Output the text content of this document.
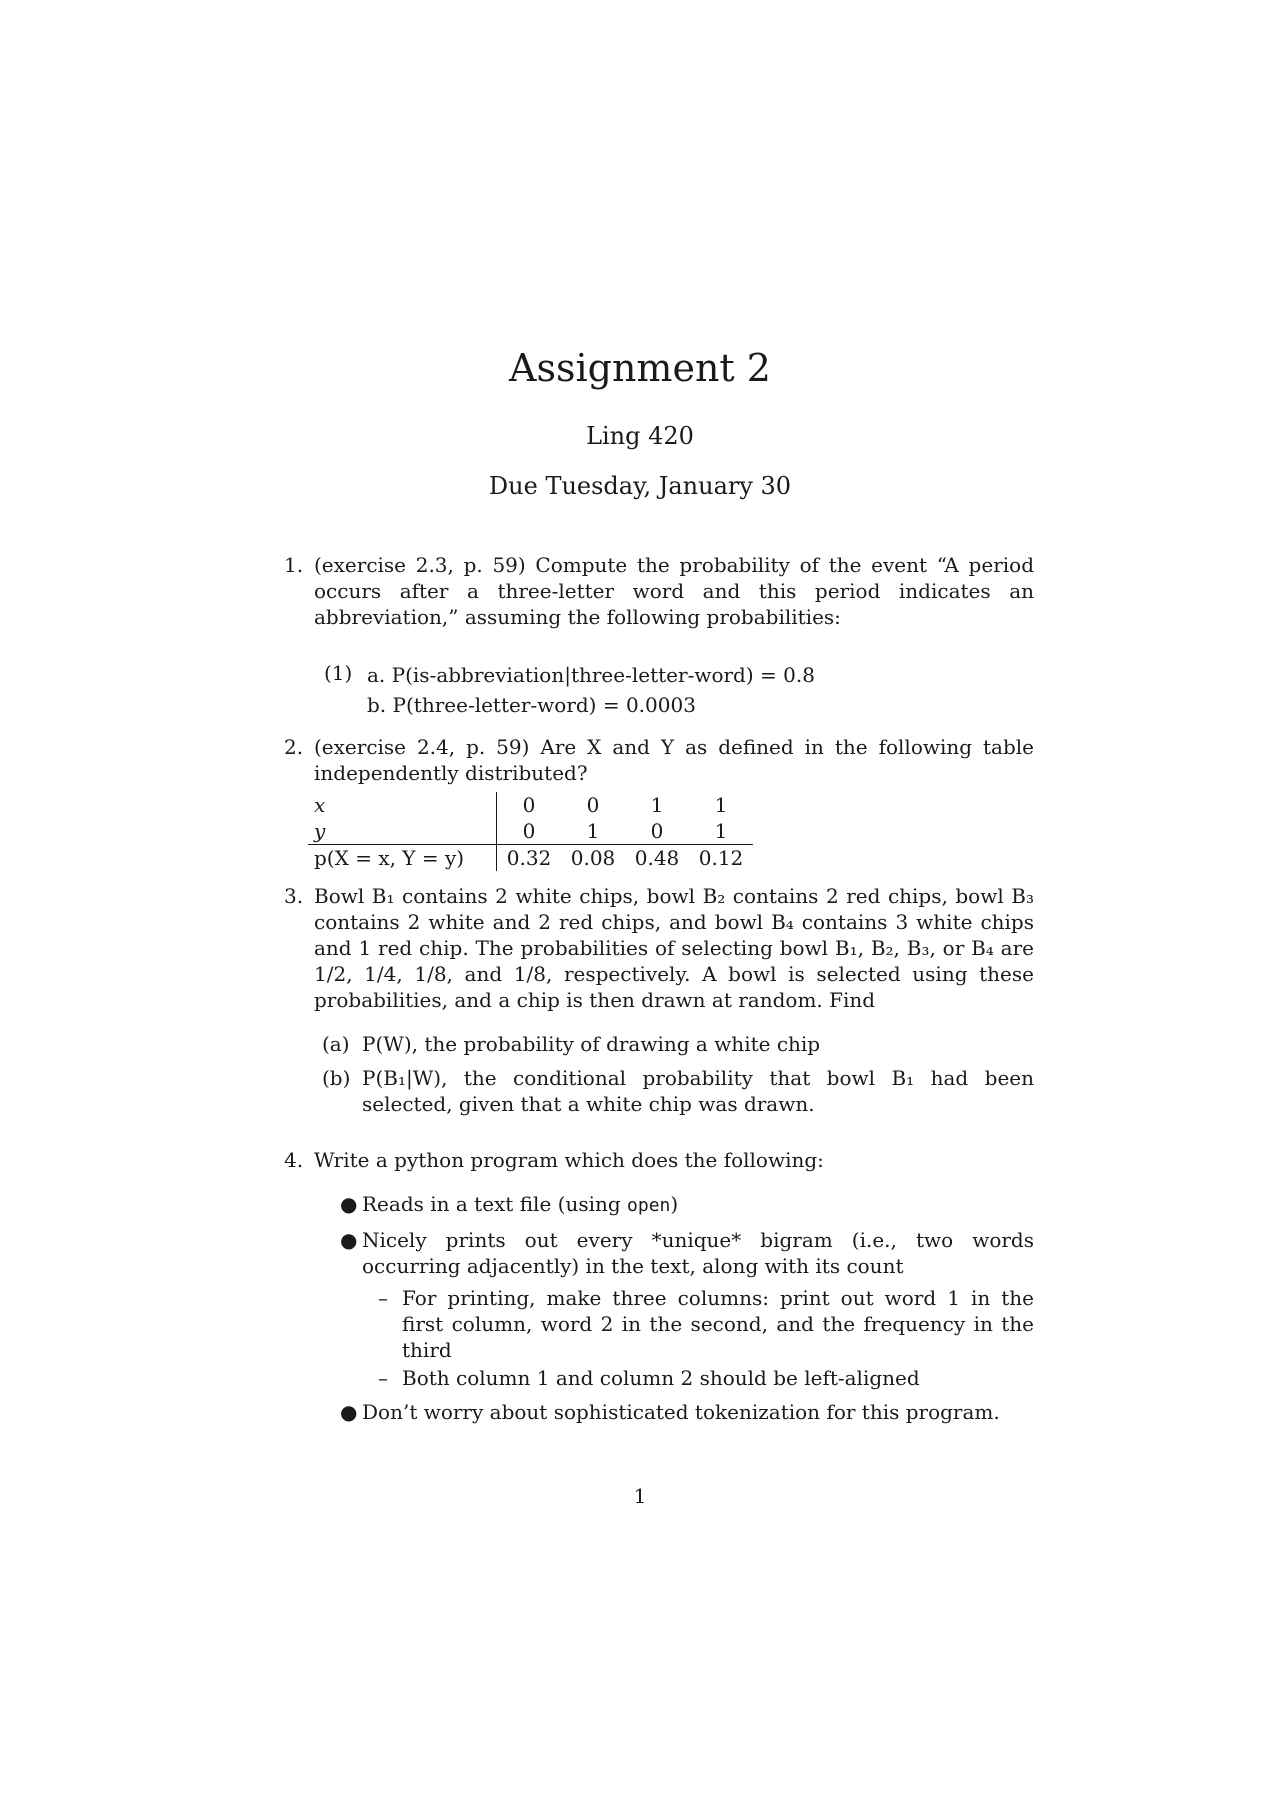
Assignment 2
Ling 420
Due Tuesday, January 30
1. (exercise 2.3, p. 59) Compute the probability of the event “A period occurs after a three-letter word and this period indicates an abbreviation,” assuming the following probabilities:

(1) a. P(is-abbreviation|three-letter-word) = 0.8
b. P(three-letter-word) = 0.0003
2. (exercise 2.4, p. 59) Are X and Y as defined in the following table independently distributed?

x	0	0	1	1
y	0	1	0	1
p(X = x, Y = y)	0.32	0.08	0.48	0.12
3. Bowl B₁ contains 2 white chips, bowl B₂ contains 2 red chips, bowl B₃ contains 2 white and 2 red chips, and bowl B₄ contains 3 white chips and 1 red chip. The probabilities of selecting bowl B₁, B₂, B₃, or B₄ are 1/2, 1/4, 1/8, and 1/8, respectively. A bowl is selected using these probabilities, and a chip is then drawn at random. Find

(a) P(W), the probability of drawing a white chip
(b) P(B₁|W), the conditional probability that bowl B₁ had been selected, given that a white chip was drawn.
4. Write a python program which does the following:

● Reads in a text file (using open)
● Nicely prints out every *unique* bigram (i.e., two words occurring adjacently) in the text, along with its count
– For printing, make three columns: print out word 1 in the first column, word 2 in the second, and the frequency in the third
– Both column 1 and column 2 should be left-aligned
● Don’t worry about sophisticated tokenization for this program.
1
